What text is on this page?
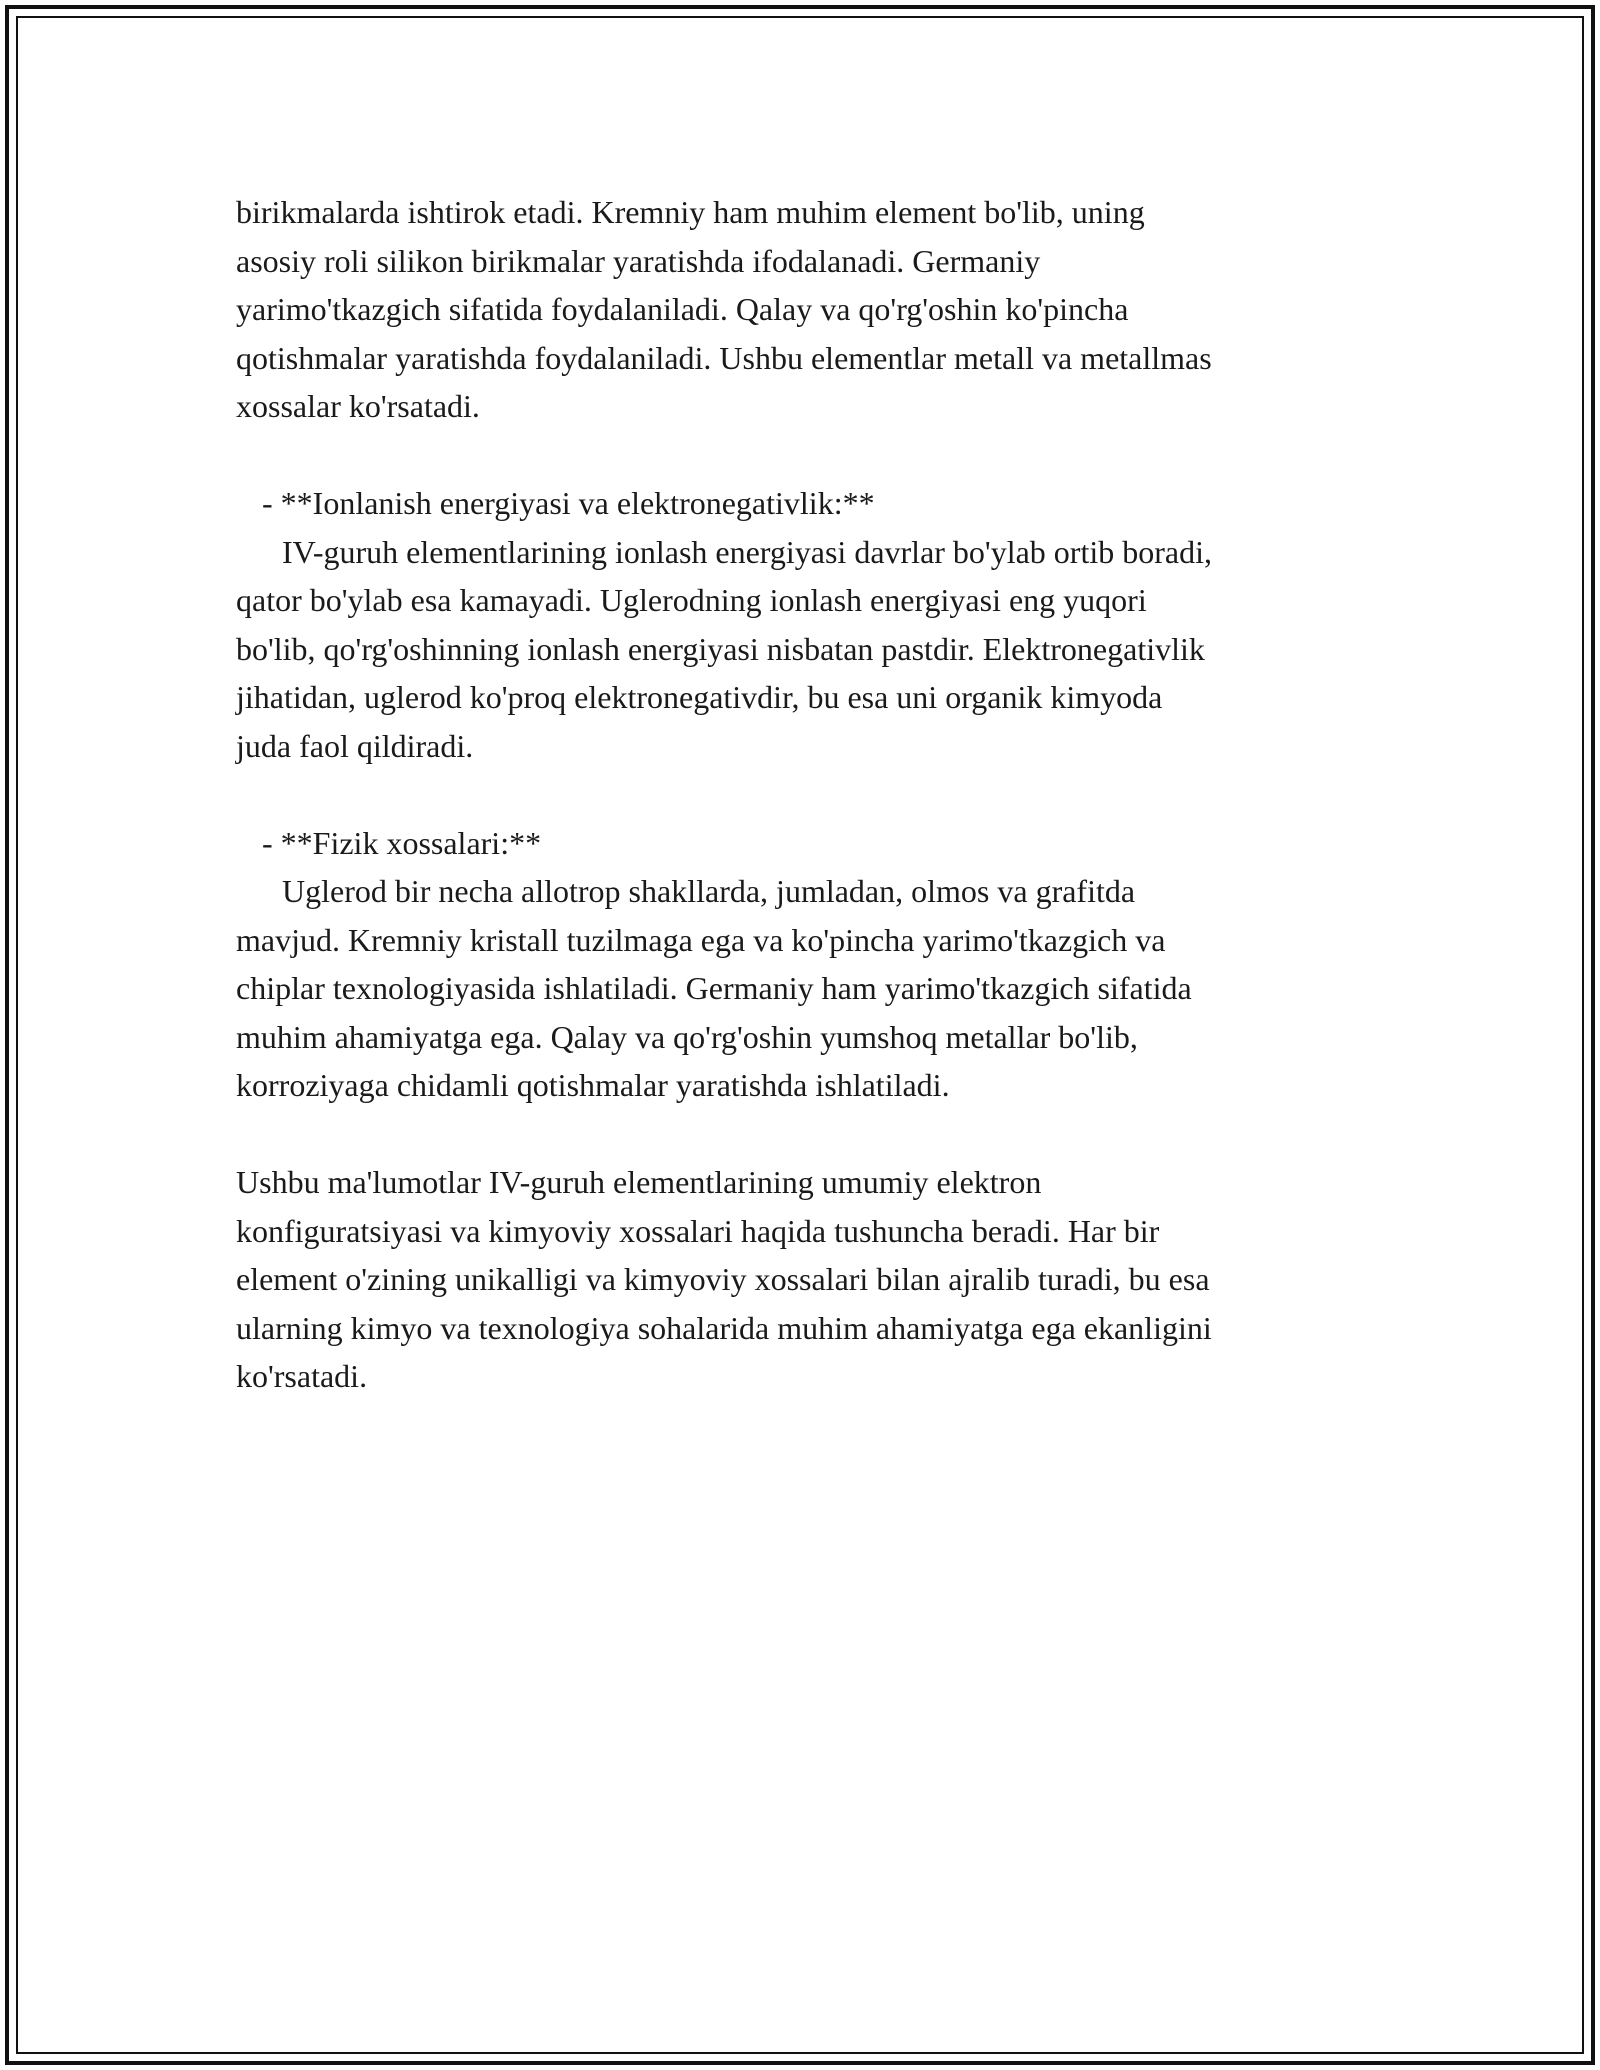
birikmalarda ishtirok etadi. Kremniy ham muhim element bo'lib, uning
asosiy roli silikon birikmalar yaratishda ifodalanadi. Germaniy
yarimo'tkazgich sifatida foydalaniladi. Qalay va qo'rg'oshin ko'pincha
qotishmalar yaratishda foydalaniladi. Ushbu elementlar metall va metallmas
xossalar ko'rsatadi.
- **Ionlanish energiyasi va elektronegativlik:**
IV-guruh elementlarining ionlash energiyasi davrlar bo'ylab ortib boradi,
qator bo'ylab esa kamayadi. Uglerodning ionlash energiyasi eng yuqori
bo'lib, qo'rg'oshinning ionlash energiyasi nisbatan pastdir. Elektronegativlik
jihatidan, uglerod ko'proq elektronegativdir, bu esa uni organik kimyoda
juda faol qildiradi.
- **Fizik xossalari:**
Uglerod bir necha allotrop shakllarda, jumladan, olmos va grafitda
mavjud. Kremniy kristall tuzilmaga ega va ko'pincha yarimo'tkazgich va
chiplar texnologiyasida ishlatiladi. Germaniy ham yarimo'tkazgich sifatida
muhim ahamiyatga ega. Qalay va qo'rg'oshin yumshoq metallar bo'lib,
korroziyaga chidamli qotishmalar yaratishda ishlatiladi.
Ushbu ma'lumotlar IV-guruh elementlarining umumiy elektron
konfiguratsiyasi va kimyoviy xossalari haqida tushuncha beradi. Har bir
element o'zining unikalligi va kimyoviy xossalari bilan ajralib turadi, bu esa
ularning kimyo va texnologiya sohalarida muhim ahamiyatga ega ekanligini
ko'rsatadi.
